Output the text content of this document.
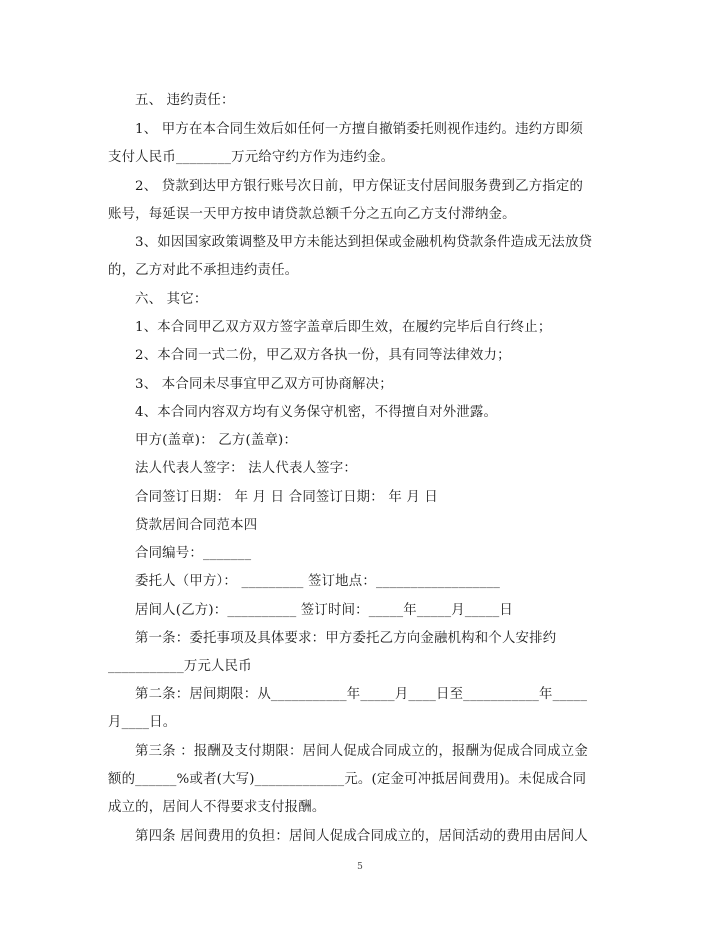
五、 违约责任：
1、 甲方在本合同生效后如任何一方擅自撤销委托则视作违约。违约方即须
支付人民币________万元给守约方作为违约金。
2、 贷款到达甲方银行账号次日前，甲方保证支付居间服务费到乙方指定的
账号，每延误一天甲方按申请贷款总额千分之五向乙方支付滞纳金。
3、如因国家政策调整及甲方未能达到担保或金融机构贷款条件造成无法放贷
的，乙方对此不承担违约责任。
六、 其它：
1、本合同甲乙双方双方签字盖章后即生效，在履约完毕后自行终止；
2、本合同一式二份，甲乙双方各执一份，具有同等法律效力；
3、 本合同未尽事宜甲乙双方可协商解决；
4、本合同内容双方均有义务保守机密，不得擅自对外泄露。
甲方(盖章)： 乙方(盖章)：
法人代表人签字： 法人代表人签字：
合同签订日期： 年 月 日 合同签订日期： 年 月 日
贷款居间合同范本四
合同编号：_______
委托人（甲方）： _________ 签订地点：__________________
居间人(乙方)：__________ 签订时间：_____年_____月_____日
第一条：委托事项及具体要求：甲方委托乙方向金融机构和个人安排约
___________万元人民币
第二条：居间期限：从___________年_____月____日至___________年_____
月____日。
第三条 ：报酬及支付期限：居间人促成合同成立的，报酬为促成合同成立金
额的______%或者(大写)_____________元。(定金可冲抵居间费用)。未促成合同
成立的，居间人不得要求支付报酬。
第四条 居间费用的负担：居间人促成合同成立的，居间活动的费用由居间人
5
